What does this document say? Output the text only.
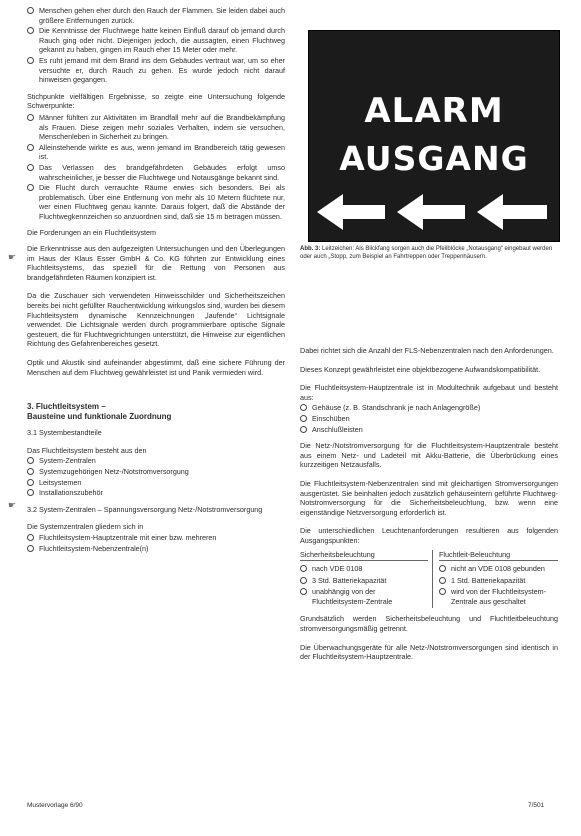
Menschen gehen eher durch den Rauch der Flammen. Sie leiden dabei auch größere Entfernungen zurück.
Die Kenntnisse der Fluchtwege hatte keinen Einfluß darauf ob jemand durch Rauch ging oder nicht. Diejenigen jedoch, die aussagten, einen Fluchtweg gekannt zu haben, gingen im Rauch eher 15 Meter oder mehr.
Es ruht jemand mit dem Brand ins dem Gebäudes vertraut war, um so eher versuchte er, durch Rauch zu gehen. Es wurde jedoch nicht darauf hinweisen gegangen.

Stichpunkte vielfältigen Ergebnisse, so zeigte eine Untersuchung folgende Schwerpunkte:

Männer fühlten zur Aktivitäten im Brandfall mehr auf die Brandbekämpfung als Frauen. Diese zeigen mehr soziales Verhalten, indem sie versuchen, Menschenleben in Sicherheit zu bringen.
Alleinstehende wirkte es aus, wenn jemand im Brandbereich tätig gewesen ist.
Das Verlassen des brandgefährdeten Gebäudes erfolgt umso wahrscheinlicher, je besser die Fluchtwege und Notausgänge bekannt sind.
Die Flucht durch verrauchte Räume erwies sich besonders. Bei als problematisch. Über eine Entfernung von mehr als 10 Metern flüchtete nur, wer einen Fluchtweg genau kannte. Daraus folgert, daß die Abstände der Fluchtwegkennzeichen so anzuordnen sind, daß sie 15 m betragen müssen.

Die Forderungen an ein Fluchtleitsystem

Die Erkenntnisse aus den aufgezeigten Untersuchungen und den Überlegungen im Haus der Klaus Esser GmbH & Co. KG führten zur Entwicklung eines Fluchtleitsystems, das speziell für die Rettung von Personen aus brandgefährdeten Räumen konzipiert ist.

Da die Zuschauer sich verwendeten Hinweisschilder und Sicherheitszeichen bereits bei nicht gefüllter Rauchentwicklung wirkungslos sind, wurden bei diesem Fluchtleitsystem dynamische Kennzeichnungen „laufende“ Lichtsignale verwendet. Die Lichtsignale werden durch programmierbare optische Signale gesteuert, die für Fluchtwegrichtungen unterstützt, die Hinweise zur eigentlichen Richtung des Gefahrenbereiches gesetzt.

Optik und Akustik sind aufeinander abgestimmt, daß eine sichere Führung der Menschen auf dem Fluchtweg gewährleistet ist und Panik vermieden wird.

3. Fluchtleitsystem –

Bausteine und funktionale Zuordnung

3.1 Systembestandteile

Das Fluchtleitsystem besteht aus den

System-Zentralen
Systemzugehörigen Netz-/Notstromversorgung
Leitsystemen
Installationszubehör

3.2 System-Zentralen – Spannungsversorgung Netz-/Notstromversorgung

Die Systemzentralen gliedern sich in

Fluchtleitsystem-Hauptzentrale mit einer bzw. mehreren
Fluchtleitsystem-Nebenzentrale(n)
☛
☛
ALARM
AUSGANG
Abb. 3: Leitzeichen: Als Blickfang sorgen auch die Pfeilblöcke „Notausgang“ eingebaut werden oder auch „Stopp, zum Beispiel an Fahrtreppen oder Treppenhäusern.

Dabei richtet sich die Anzahl der FLS-Nebenzentralen nach den Anforderungen.

Dieses Konzept gewährleistet eine objektbezogene Aufwandskompatibilität.

Die Fluchtleitsystem-Hauptzentrale ist in Modultechnik aufgebaut und besteht aus:

Gehäuse (z. B. Standschrank je nach Anlagengröße)
Einschüben
Anschlußleisten

Die Netz-/Notstromversorgung für die Fluchtleitsystem-Hauptzentrale besteht aus einem Netz- und Ladeteil mit Akku-Batterie, die Überbrückung eines kurzzeitigen Netzausfalls.

Die Fluchtleitsystem-Nebenzentralen sind mit gleichartigen Stromversorgungen ausgerüstet. Sie beinhalten jedoch zusätzlich gehäuseintern geführte Fluchtweg-Notstromversorgung für die Sicherheitsbeleuchtung, bzw. wenn eine eigenständige Netzversorgung erforderlich ist.

Die unterschiedlichen Leuchtenanforderungen resultieren aus folgenden Ausgangspunkten:

Sicherheitsbeleuchtung
nach VDE 0108
3 Std. Batteriekapazität
unabhängig von der Fluchtleitsystem-Zentrale
Fluchtleit-Beleuchtung
nicht an VDE 0108 gebunden
1 Std. Batteriekapazität
wird von der Fluchtleitsystem-Zentrale aus geschaltet

Grundsätzlich werden Sicherheitsbeleuchtung und Fluchtleitbeleuchtung stromversorgungsmäßig getrennt.

Die Überwachungsgeräte für alle Netz-/Notstromversorgungen sind identisch in der Fluchtleitsystem-Hauptzentrale.

Mustervorlage 6/90	7/501
